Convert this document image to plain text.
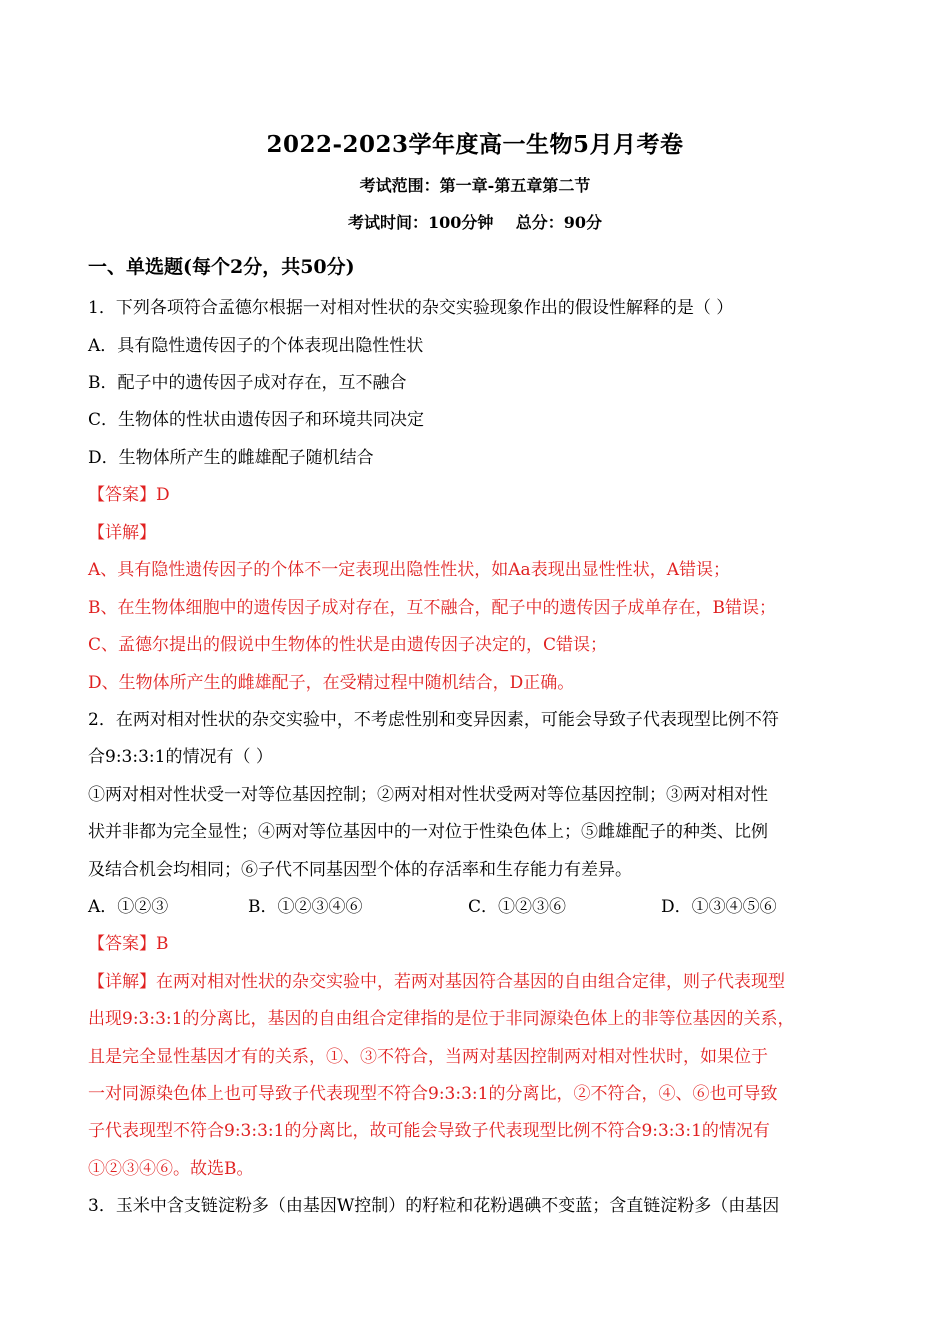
2022-2023学年度高一生物5月月考卷
考试范围：第一章-第五章第二节
考试时间：100分钟    总分：90分
一、单选题(每个2分，共50分)
1．下列各项符合孟德尔根据一对相对性状的杂交实验现象作出的假设性解释的是（ ）
A．具有隐性遗传因子的个体表现出隐性性状
B．配子中的遗传因子成对存在，互不融合
C．生物体的性状由遗传因子和环境共同决定
D．生物体所产生的雌雄配子随机结合
【答案】D
【详解】
A、具有隐性遗传因子的个体不一定表现出隐性性状，如Aa表现出显性性状，A错误；
B、在生物体细胞中的遗传因子成对存在，互不融合，配子中的遗传因子成单存在，B错误；
C、孟德尔提出的假说中生物体的性状是由遗传因子决定的，C错误；
D、生物体所产生的雌雄配子，在受精过程中随机结合，D正确。
2．在两对相对性状的杂交实验中，不考虑性别和变异因素，可能会导致子代表现型比例不符
合9:3:3:1的情况有（ ）
①两对相对性状受一对等位基因控制；②两对相对性状受两对等位基因控制；③两对相对性
状并非都为完全显性；④两对等位基因中的一对位于性染色体上；⑤雌雄配子的种类、比例
及结合机会均相同；⑥子代不同基因型个体的存活率和生存能力有差异。
A．①②③	B．①②③④⑥	C．①②③⑥	D．①③④⑤⑥
【答案】B
【详解】在两对相对性状的杂交实验中，若两对基因符合基因的自由组合定律，则子代表现型
出现9:3:3:1的分离比，基因的自由组合定律指的是位于非同源染色体上的非等位基因的关系，
且是完全显性基因才有的关系，①、③不符合，当两对基因控制两对相对性状时，如果位于
一对同源染色体上也可导致子代表现型不符合9:3:3:1的分离比，②不符合，④、⑥也可导致
子代表现型不符合9:3:3:1的分离比，故可能会导致子代表现型比例不符合9:3:3:1的情况有
①②③④⑥。故选B。
3．玉米中含支链淀粉多（由基因W控制）的籽粒和花粉遇碘不变蓝；含直链淀粉多（由基因
